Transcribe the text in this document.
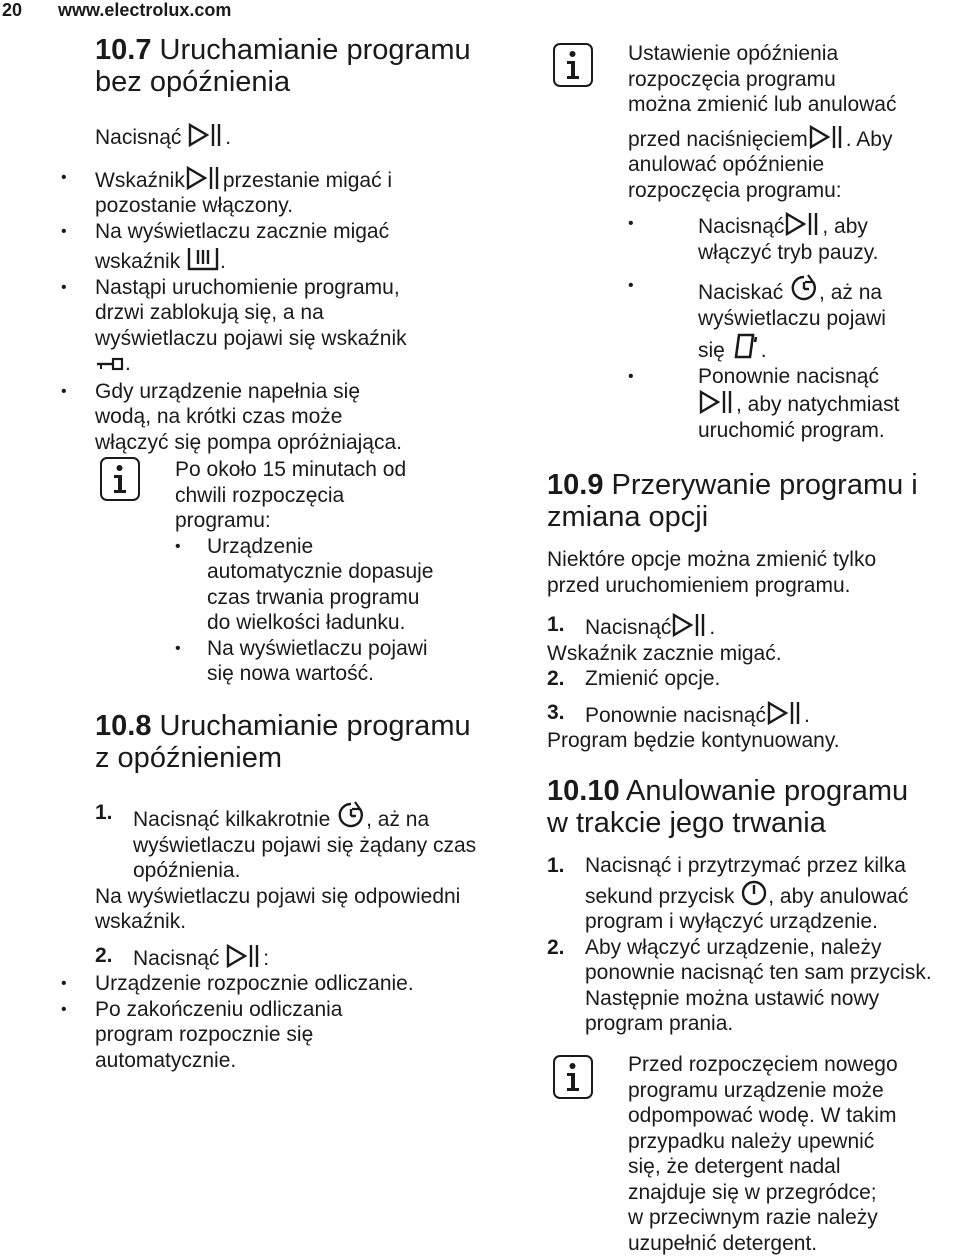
20 www.electrolux.com
10.7 Uruchamianie programu
bez opóźnienia

Nacisnąć .

• Wskaźnik przestanie migać i
pozostanie włączony.

• Na wyświetlaczu zacznie migać
wskaźnik .

• Nastąpi uruchomienie programu,
drzwi zablokują się, a na
wyświetlaczu pojawi się wskaźnik
.

• Gdy urządzenie napełnia się
wodą, na krótki czas może
włączyć się pompa opróżniająca.

Po około 15 minutach od

chwili rozpoczęcia

programu:

• Urządzenie
automatycznie dopasuje
czas trwania programu
do wielkości ładunku.

• Na wyświetlaczu pojawi
się nowa wartość.

10.8 Uruchamianie programu
z opóźnieniem

1. Nacisnąć kilkakrotnie , aż na
wyświetlaczu pojawi się żądany czas
opóźnienia.

Na wyświetlaczu pojawi się odpowiedni

wskaźnik.

2. Nacisnąć :

• Urządzenie rozpocznie odliczanie.

• Po zakończeniu odliczania
program rozpocznie się
automatycznie.

Ustawienie opóźnienia

rozpoczęcia programu

można zmienić lub anulować

przed naciśnięciem . Aby

anulować opóźnienie

rozpoczęcia programu:

• Nacisnąć , aby
włączyć tryb pauzy.

• Naciskać , aż na
wyświetlaczu pojawi
się .

• Ponownie nacisnąć
, aby natychmiast
uruchomić program.

10.9 Przerywanie programu i
zmiana opcji

Niektóre opcje można zmienić tylko

przed uruchomieniem programu.

1. Nacisnąć .

Wskaźnik zacznie migać.

2. Zmienić opcje.

3. Ponownie nacisnąć .

Program będzie kontynuowany.

10.10 Anulowanie programu
w trakcie jego trwania

1. Nacisnąć i przytrzymać przez kilka
sekund przycisk , aby anulować
program i wyłączyć urządzenie.

2. Aby włączyć urządzenie, należy
ponownie nacisnąć ten sam przycisk.
Następnie można ustawić nowy
program prania.

Przed rozpoczęciem nowego

programu urządzenie może

odpompować wodę. W takim

przypadku należy upewnić

się, że detergent nadal

znajduje się w przegródce;

w przeciwnym razie należy

uzupełnić detergent.
